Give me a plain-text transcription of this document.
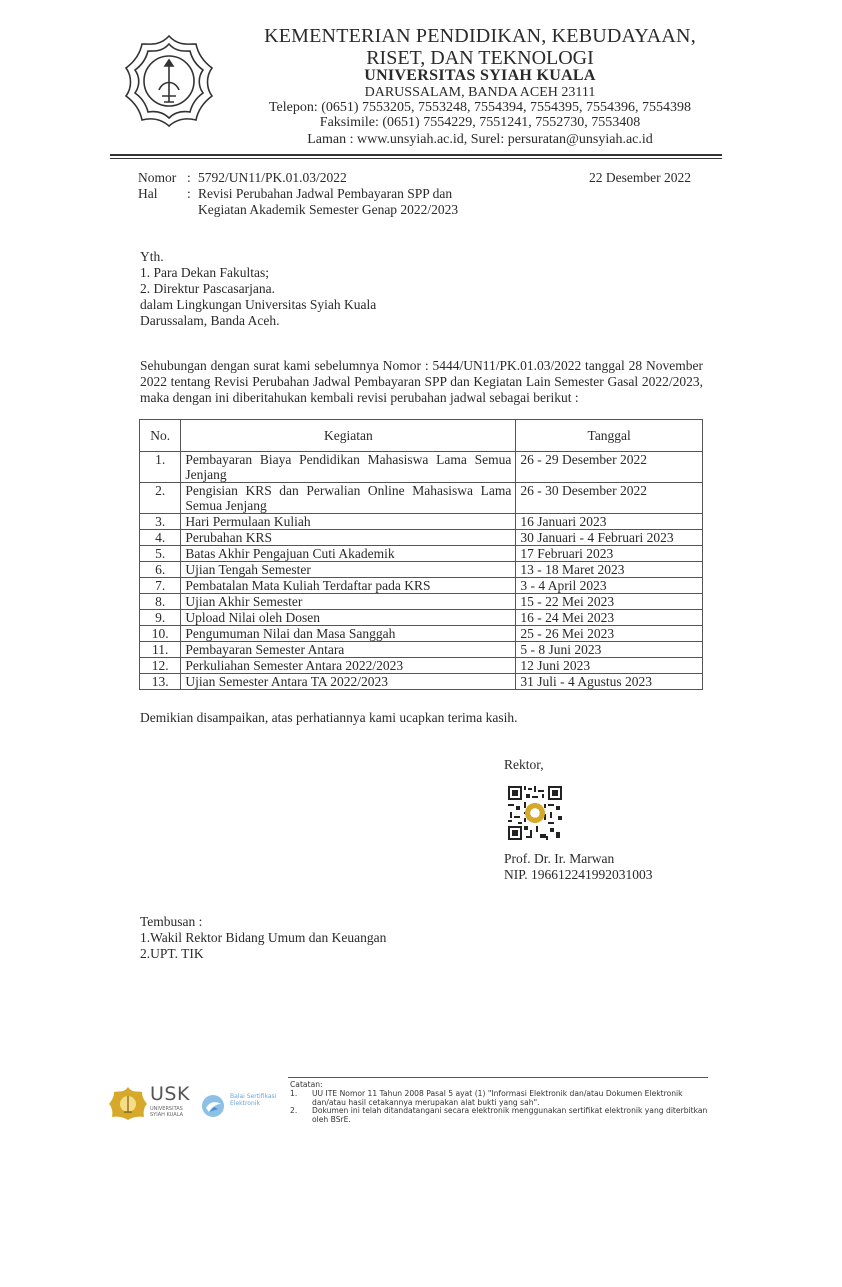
KEMENTERIAN PENDIDIKAN, KEBUDAYAAN,
RISET, DAN TEKNOLOGI
UNIVERSITAS SYIAH KUALA
DARUSSALAM, BANDA ACEH 23111
Telepon: (0651) 7553205, 7553248, 7554394, 7554395, 7554396, 7554398
Faksimile: (0651) 7554229, 7551241, 7552730, 7553408
Laman : www.unsyiah.ac.id, Surel: persuratan@unsyiah.ac.id
Nomor : 5792/UN11/PK.01.03/2022	22 Desember 2022
Hal	: Revisi Perubahan Jadwal Pembayaran SPP dan
Kegiatan Akademik Semester Genap 2022/2023
Yth.
1. Para Dekan Fakultas;
2. Direktur Pascasarjana.
dalam Lingkungan Universitas Syiah Kuala
Darussalam, Banda Aceh.
Sehubungan dengan surat kami sebelumnya Nomor : 5444/UN11/PK.01.03/2022 tanggal 28 November 2022 tentang Revisi Perubahan Jadwal Pembayaran SPP dan Kegiatan Lain Semester Gasal 2022/2023, maka dengan ini diberitahukan kembali revisi perubahan jadwal sebagai berikut :
No.	Kegiatan	Tanggal
1.	Pembayaran Biaya Pendidikan Mahasiswa Lama Semua Jenjang	26 - 29 Desember 2022
2.	Pengisian KRS dan Perwalian Online Mahasiswa Lama Semua Jenjang	26 - 30 Desember 2022
3.	Hari Permulaan Kuliah	16 Januari 2023
4.	Perubahan KRS	30 Januari - 4 Februari 2023
5.	Batas Akhir Pengajuan Cuti Akademik	17 Februari 2023
6.	Ujian Tengah Semester	13 - 18 Maret 2023
7.	Pembatalan Mata Kuliah Terdaftar pada KRS	3 - 4 April 2023
8.	Ujian Akhir Semester	15 - 22 Mei 2023
9.	Upload Nilai oleh Dosen	16 - 24 Mei 2023
10.	Pengumuman Nilai dan Masa Sanggah	25 - 26 Mei 2023
11.	Pembayaran Semester Antara	5 - 8 Juni 2023
12.	Perkuliahan Semester Antara 2022/2023	12 Juni 2023
13.	Ujian Semester Antara TA 2022/2023	31 Juli - 4 Agustus 2023
Demikian disampaikan, atas perhatiannya kami ucapkan terima kasih.
Rektor,
Prof. Dr. Ir. Marwan
NIP. 196612241992031003
Tembusan :
1.Wakil Rektor Bidang Umum dan Keuangan
2.UPT. TIK
USK
UNIVERSITAS SYIAH KUALA
Balai Sertifikasi Elektronik
Catatan:
1. UU ITE Nomor 11 Tahun 2008 Pasal 5 ayat (1) "Informasi Elektronik dan/atau Dokumen Elektronik dan/atau hasil cetakannya merupakan alat bukti yang sah".
2. Dokumen ini telah ditandatangani secara elektronik menggunakan sertifikat elektronik yang diterbitkan oleh BSrE.
